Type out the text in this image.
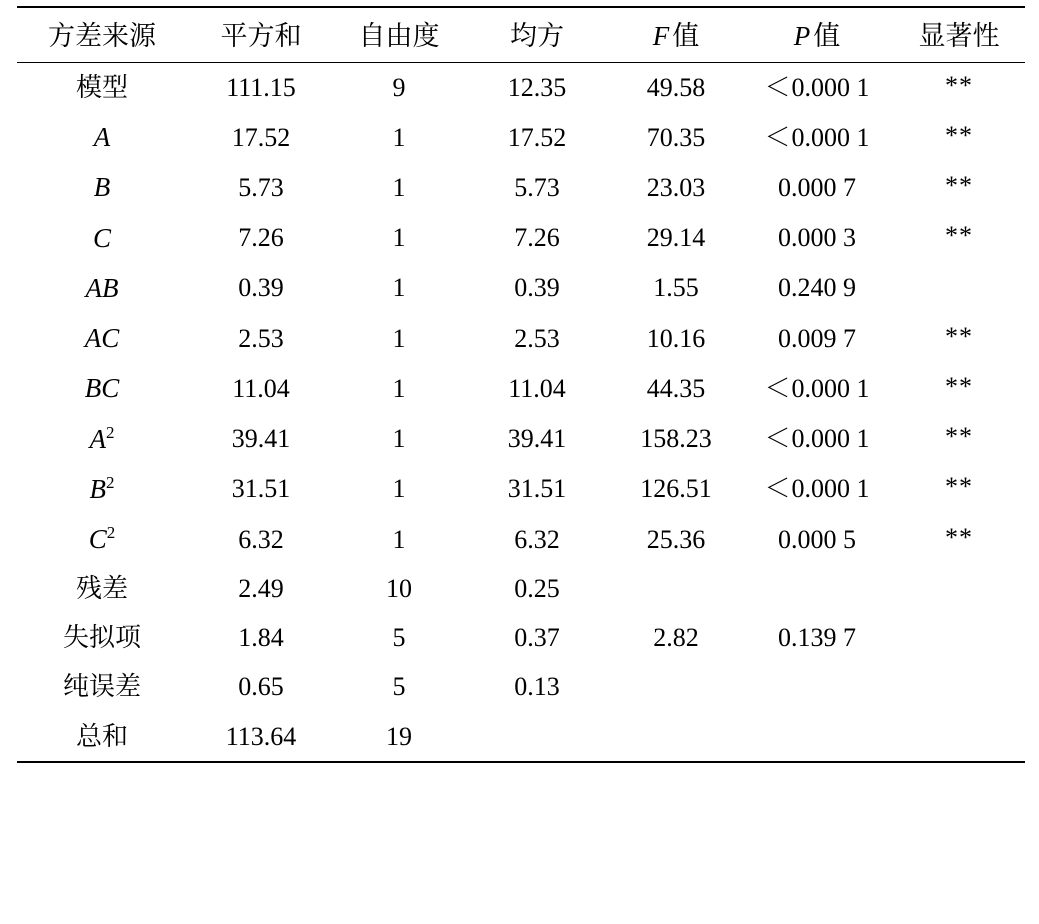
方差来源	平方和	自由度	均方	F 值	P 值	显著性
模型	111.15	9	12.35	49.58	＜0.000 1	**
A	17.52	1	17.52	70.35	＜0.000 1	**
B	5.73	1	5.73	23.03	0.000 7	**
C	7.26	1	7.26	29.14	0.000 3	**
AB	0.39	1	0.39	1.55	0.240 9	
AC	2.53	1	2.53	10.16	0.009 7	**
BC	11.04	1	11.04	44.35	＜0.000 1	**
$A^2$	39.41	1	39.41	158.23	＜0.000 1	**
$B^2$	31.51	1	31.51	126.51	＜0.000 1	**
$C^2$	6.32	1	6.32	25.36	0.000 5	**
残差	2.49	10	0.25			
失拟项	1.84	5	0.37	2.82	0.139 7	
纯误差	0.65	5	0.13			
总和	113.64	19				
